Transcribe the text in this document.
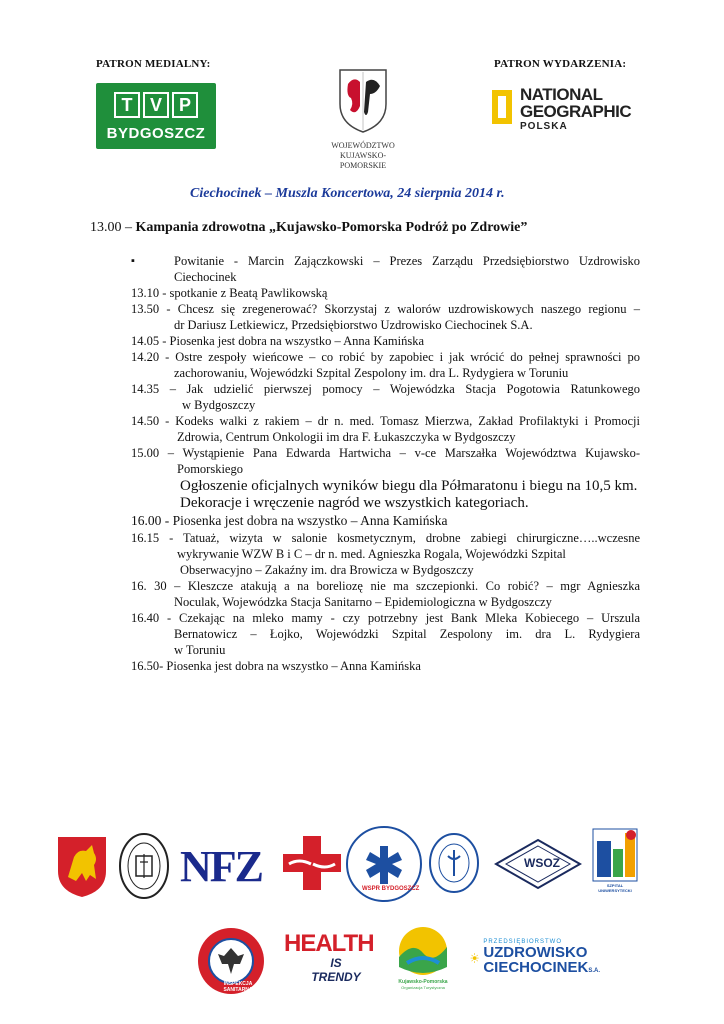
PATRON MEDIALNY:	PATRON WYDARZENIA:
T V P
BYDGOSZCZ
WOJEWÓDZTWO
KUJAWSKO-POMORSKIE
NATIONAL
GEOGRAPHIC
POLSKA
Ciechocinek – Muszla Koncertowa, 24 sierpnia 2014 r.
13.00 – Kampania zdrowotna „Kujawsko-Pomorska Podróż po Zdrowie”
▪	Powitanie - Marcin Zajączkowski – Prezes Zarządu Przedsiębiorstwo Uzdrowisko
Ciechocinek
13.10 - spotkanie z Beatą Pawlikowską
13.50 - Chcesz się zregenerować? Skorzystaj z walorów uzdrowiskowych naszego regionu –
dr Dariusz Letkiewicz, Przedsiębiorstwo Uzdrowisko Ciechocinek S.A.
14.05 - Piosenka jest dobra na wszystko – Anna Kamińska
14.20 - Ostre zespoły wieńcowe – co robić by zapobiec i jak wrócić do pełnej sprawności po
zachorowaniu, Wojewódzki Szpital Zespolony im. dra L. Rydygiera w Toruniu
14.35 – Jak udzielić pierwszej pomocy – Wojewódzka Stacja Pogotowia Ratunkowego
w Bydgoszczy
14.50 - Kodeks walki z rakiem – dr n. med. Tomasz Mierzwa, Zakład Profilaktyki i Promocji
Zdrowia, Centrum Onkologii im dra F. Łukaszczyka w Bydgoszczy
15.00 – Wystąpienie Pana Edwarda Hartwicha – v-ce Marszałka Województwa Kujawsko-
Pomorskiego
Ogłoszenie oficjalnych wyników biegu dla Półmaratonu i biegu na 10,5 km.
Dekoracje i wręczenie nagród we wszystkich kategoriach.
16.00 - Piosenka jest dobra na wszystko – Anna Kamińska
16.15 - Tatuaż, wizyta w salonie kosmetycznym, drobne zabiegi chirurgiczne…..wczesne
wykrywanie WZW B i C – dr n. med. Agnieszka Rogala, Wojewódzki Szpital
Obserwacyjno – Zakaźny im. dra Browicza w Bydgoszczy
16. 30 – Kleszcze atakują a na boreliozę nie ma szczepionki. Co robić? – mgr Agnieszka
Noculak, Wojewódzka Stacja Sanitarno – Epidemiologiczna w Bydgoszczy
16.40 - Czekając na mleko mamy - czy potrzebny jest Bank Mleka Kobiecego – Urszula
Bernatowicz – Łojko, Wojewódzki Szpital Zespolony im. dra L. Rydygiera
w Toruniu
16.50- Piosenka jest dobra na wszystko – Anna Kamińska
NFZ	WSPR BYDGOSZCZ
WSOZ
SZPITAL UNIWERSYTECKI
INSPEKCJA SANITARNA
HEALTH
IS TRENDY	Kujawsko-Pomorska
Organizacja Turystyczna
PRZEDSIĘBIORSTWO
UZDROWISKO
CIECHOCINEKS.A.
